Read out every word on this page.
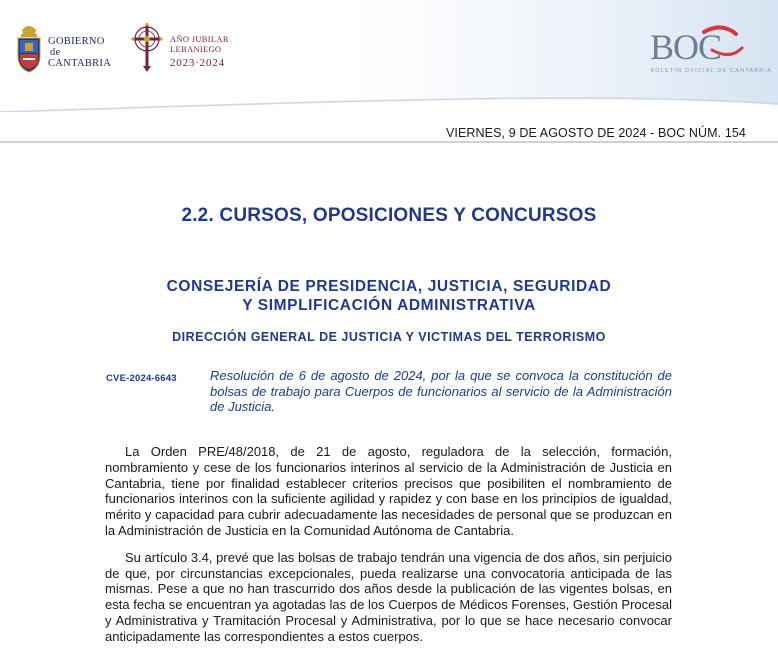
GOBIERNO
de
CANTABRIA
AÑO JUBILAR
LEBANIEGO
2023·2024	BOC
BOLETÍN OFICIAL DE CANTABRIA
VIERNES, 9 DE AGOSTO DE 2024 - BOC NÚM. 154
2.2. CURSOS, OPOSICIONES Y CONCURSOS
CONSEJERÍA DE PRESIDENCIA, JUSTICIA, SEGURIDAD
Y SIMPLIFICACIÓN ADMINISTRATIVA
DIRECCIÓN GENERAL DE JUSTICIA Y VICTIMAS DEL TERRORISMO
CVE-2024-6643	Resolución de 6 de agosto de 2024, por la que se convoca la constitución de bolsas de trabajo para Cuerpos de funcionarios al servicio de la Administración de Justicia.

La Orden PRE/48/2018, de 21 de agosto, reguladora de la selección, formación, nombramiento y cese de los funcionarios interinos al servicio de la Administración de Justicia en Cantabria, tiene por finalidad establecer criterios precisos que posibiliten el nombramiento de funcionarios interinos con la suficiente agilidad y rapidez y con base en los principios de igualdad, mérito y capacidad para cubrir adecuadamente las necesidades de personal que se produzcan en la Administración de Justicia en la Comunidad Autónoma de Cantabria.

Su artículo 3.4, prevé que las bolsas de trabajo tendrán una vigencia de dos años, sin perjuicio de que, por circunstancias excepcionales, pueda realizarse una convocatoria anticipada de las mismas. Pese a que no han trascurrido dos años desde la publicación de las vigentes bolsas, en esta fecha se encuentran ya agotadas las de los Cuerpos de Médicos Forenses, Gestión Procesal y Administrativa y Tramitación Procesal y Administrativa, por lo que se hace necesario convocar anticipadamente las correspondientes a estos cuerpos.
